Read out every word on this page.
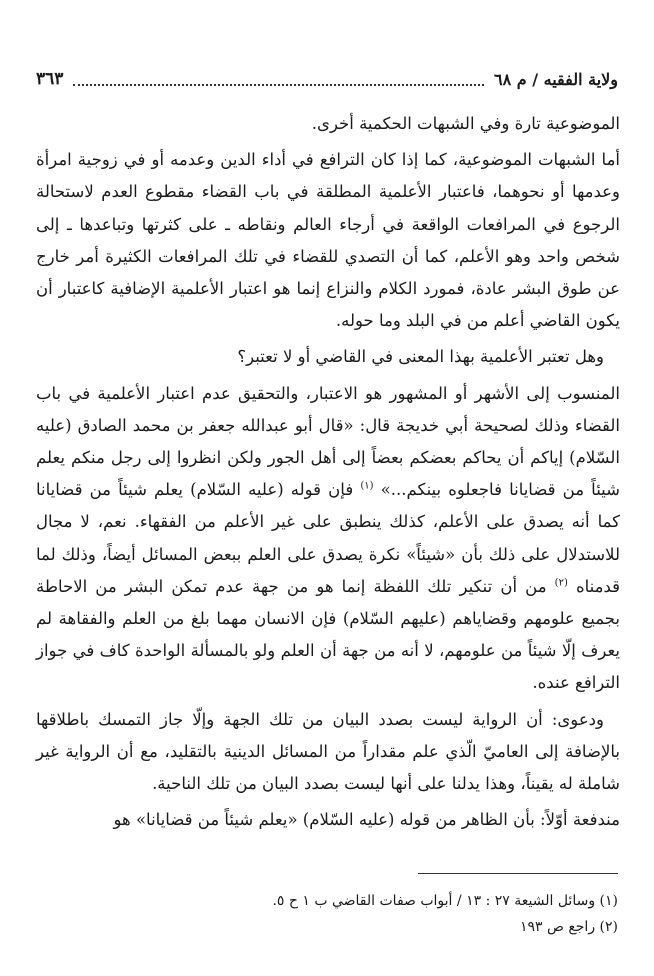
ولاية الفقيه / م ٦٨
٣٦٣

الموضوعية تارة وفي الشبهات الحكمية أخرى.

أما الشبهات الموضوعية، كما إذا كان الترافع في أداء الدين وعدمه أو في زوجية امرأة وعدمها أو نحوهما، فاعتبار الأعلمية المطلقة في باب القضاء مقطوع العدم لاستحالة الرجوع في المرافعات الواقعة في أرجاء العالم ونقاطه ـ على كثرتها وتباعدها ـ إلى شخص واحد وهو الأعلم، كما أن التصدي للقضاء في تلك المرافعات الكثيرة أمر خارج عن طوق البشر عادة، فمورد الكلام والنزاع إنما هو اعتبار الأعلمية الإضافية كاعتبار أن يكون القاضي أعلم من في البلد وما حوله.

وهل تعتبر الأعلمية بهذا المعنى في القاضي أو لا تعتبر؟

المنسوب إلى الأشهر أو المشهور هو الاعتبار، والتحقيق عدم اعتبار الأعلمية في باب القضاء وذلك لصحيحة أبي خديجة قال: «قال أبو عبدالله جعفر بن محمد الصادق (عليه السّلام) إياكم أن يحاكم بعضكم بعضاً إلى أهل الجور ولكن انظروا إلى رجل منكم يعلم شيئاً من قضايانا فاجعلوه بينكم...» $^{(١)}$ فإن قوله (عليه السّلام) يعلم شيئاً من قضايانا كما أنه يصدق على الأعلم، كذلك ينطبق على غير الأعلم من الفقهاء. نعم، لا مجال للاستدلال على ذلك بأن «شيئاً» نكرة يصدق على العلم ببعض المسائل أيضاً، وذلك لما قدمناه $^{(٢)}$ من أن تنكير تلك اللفظة إنما هو من جهة عدم تمكن البشر من الاحاطة بجميع علومهم وقضاياهم (عليهم السّلام) فإن الانسان مهما بلغ من العلم والفقاهة لم يعرف إلّا شيئاً من علومهم، لا أنه من جهة أن العلم ولو بالمسألة الواحدة كاف في جواز الترافع عنده.

ودعوى: أن الرواية ليست بصدد البيان من تلك الجهة وإلّا جاز التمسك باطلاقها بالإضافة إلى العاميّ الّذي علم مقداراً من المسائل الدينية بالتقليد، مع أن الرواية غير شاملة له يقيناً، وهذا يدلنا على أنها ليست بصدد البيان من تلك الناحية.

مندفعة أوّلاً: بأن الظاهر من قوله (عليه السّلام) «يعلم شيئاً من قضايانا» هو

(١) وسائل الشيعة ٢٧ : ١٣ / أبواب صفات القاضي ب ١ ح ٥.
(٢) راجع ص ١٩٣
